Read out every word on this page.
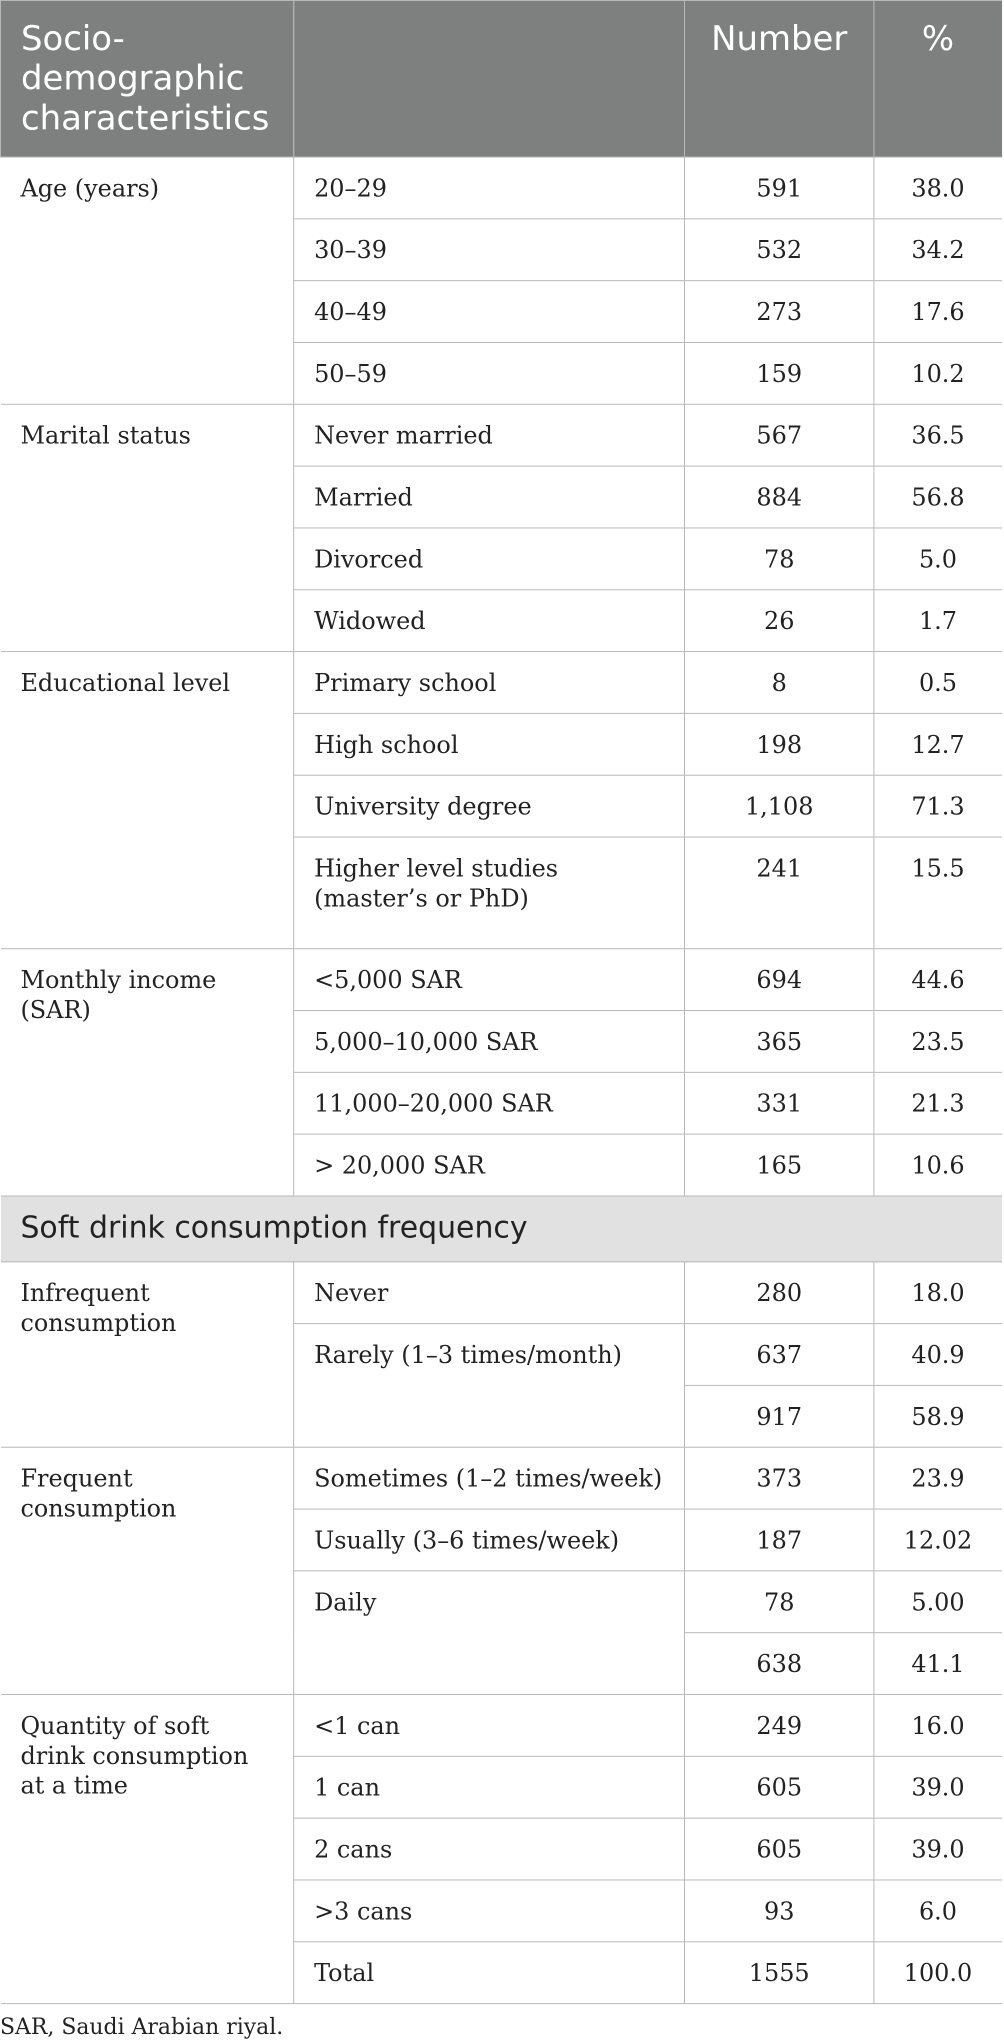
Socio-demographic characteristics		Number	%
Age (years)	20–29	591	38.0
	30–39	532	34.2
	40–49	273	17.6
	50–59	159	10.2
Marital status	Never married	567	36.5
	Married	884	56.8
	Divorced	78	5.0
	Widowed	26	1.7
Educational level	Primary school	8	0.5
	High school	198	12.7
	University degree	1,108	71.3
	Higher level studies (master’s or PhD)	241	15.5
Monthly income (SAR)	<5,000 SAR	694	44.6
	5,000–10,000 SAR	365	23.5
	11,000–20,000 SAR	331	21.3
	> 20,000 SAR	165	10.6
Soft drink consumption frequency			
Infrequent consumption	Never	280	18.0
	Rarely (1–3 times/month)	637	40.9
		917	58.9
Frequent consumption	Sometimes (1–2 times/week)	373	23.9
	Usually (3–6 times/week)	187	12.02
	Daily	78	5.00
		638	41.1
Quantity of soft drink consumption at a time	<1 can	249	16.0
	1 can	605	39.0
	2 cans	605	39.0
	>3 cans	93	6.0
	Total	1555	100.0
SAR, Saudi Arabian riyal.
